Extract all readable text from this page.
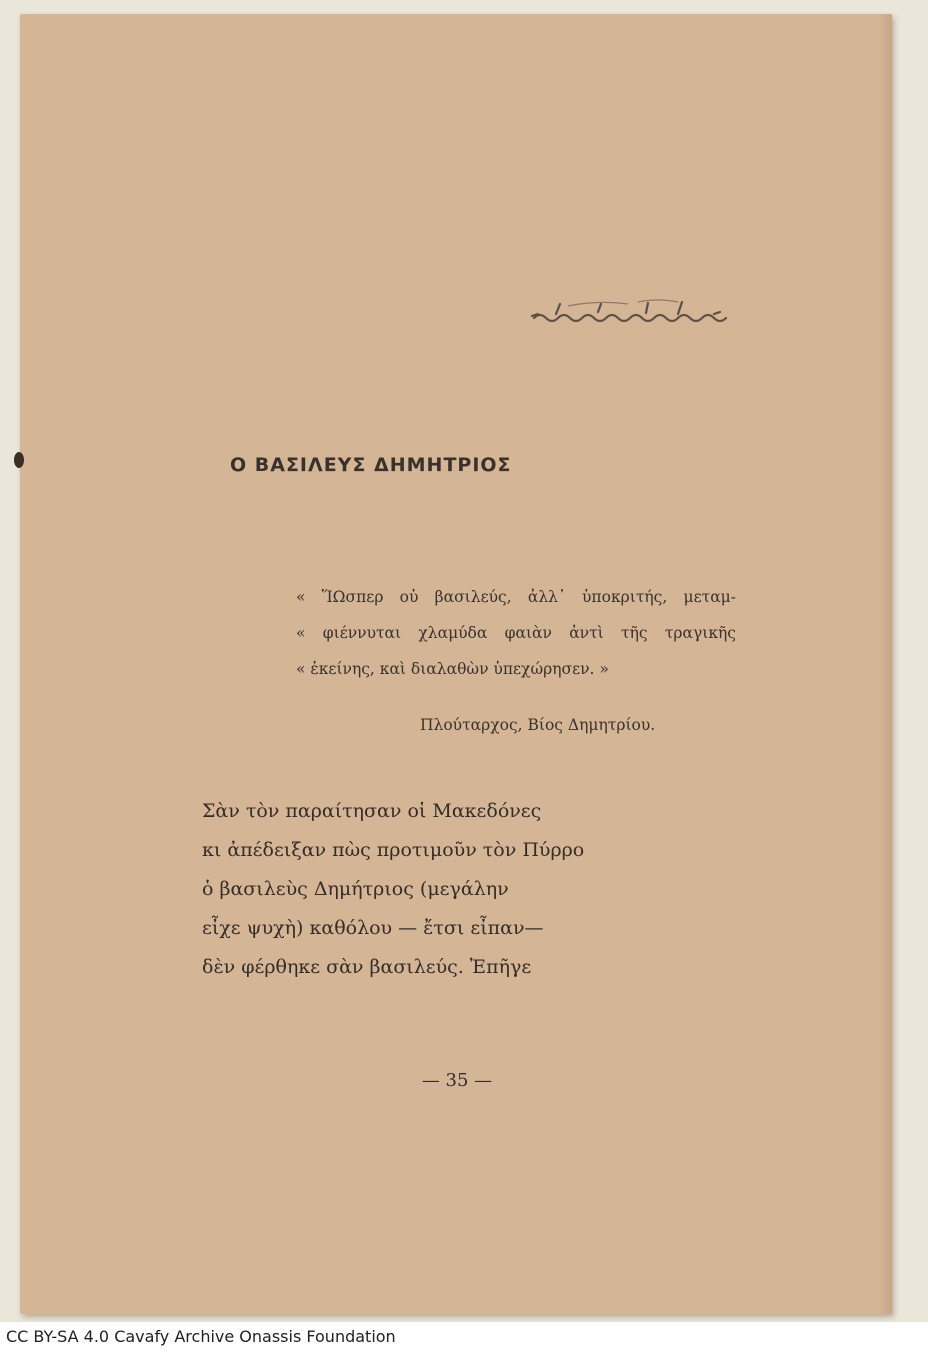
Ο ΒΑΣΙΛΕΥΣ ΔΗΜΗΤΡΙΟΣ
« ἽΩσπερ οὐ βασιλεύς, ἀλλ᾽ ὑποκριτής, μεταμ-
« φιέννυται χλαμύδα φαιὰν ἀντὶ τῆς τραγικῆς
« ἐκείνης, καὶ διαλαθὼν ὑπεχώρησεν. »
Πλούταρχος, Βίος Δημητρίου.
Σὰν τὸν παραίτησαν οἱ Μακεδόνες
κι ἀπέδειξαν πὼς προτιμοῦν τὸν Πύρρο
ὁ βασιλεὺς Δημήτριος (μεγάλην
εἶχε ψυχὴ) καθόλου — ἔτσι εἶπαν—
δὲν φέρθηκε σὰν βασιλεύς. Ἐπῆγε
— 35 —
CC BY-SA 4.0 Cavafy Archive Onassis Foundation
